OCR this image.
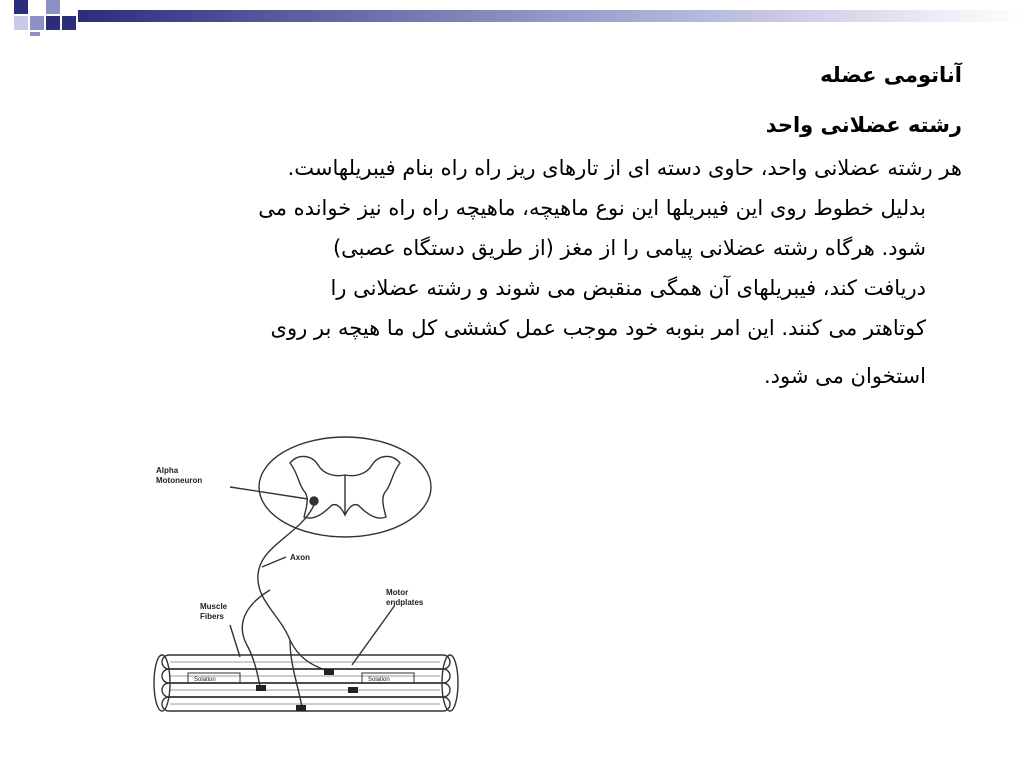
آناتومی عضله
رشته عضلانی واحد
هر رشته عضلانی واحد، حاوی دسته ای از تارهای ریز راه راه بنام فیبریلهاست.
بدلیل خطوط روی این فیبریلها این نوع ماهیچه، ماهیچه راه راه نیز خوانده می
شود. هرگاه رشته عضلانی پیامی را از مغز (از طریق دستگاه عصبی)
دریافت کند، فیبریلهای آن همگی منقبض می شوند و رشته عضلانی را
کوتاهتر می کنند. این امر بنوبه خود موجب عمل کششی کل ما هیچه بر روی
استخوان می شود.
Alpha
Motoneuron
Axon
Muscle
Fibers
Motor
endplates
Solation	Solation
